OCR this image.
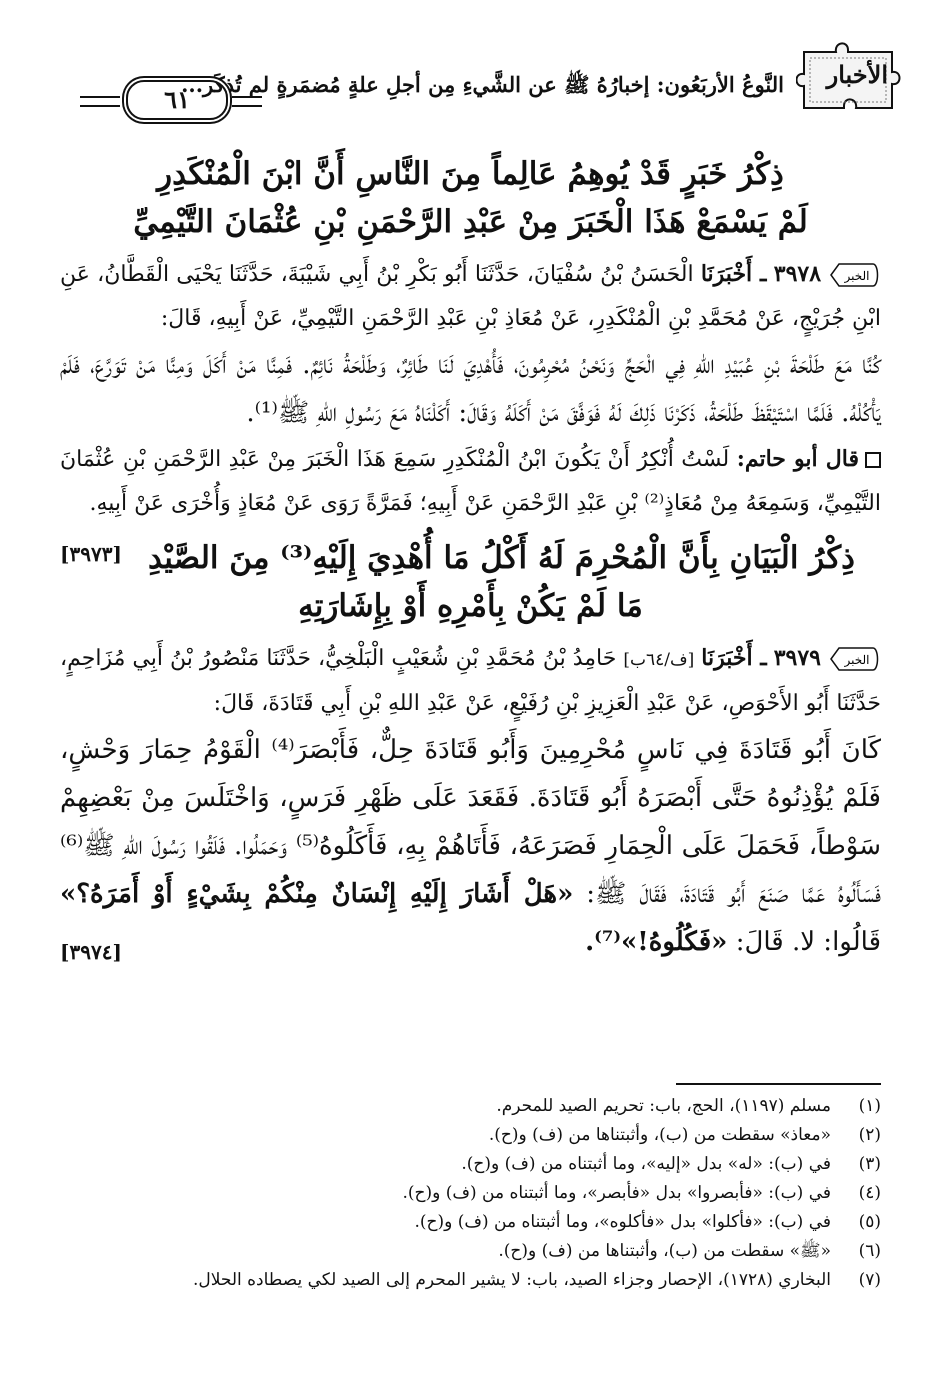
الأخبار
النَّوعُ الأربَعُون: إخبارُهُ ﷺ عن الشَّيءِ مِن أجلِ علةٍ مُضمَرةٍ لم تُذكَر...
٦١
ذِكْرُ خَبَرٍ قَدْ يُوهِمُ عَالِماً مِنَ النَّاسِ أَنَّ ابْنَ الْمُنْكَدِرِ
لَمْ يَسْمَعْ هَذَا الْخَبَرَ مِنْ عَبْدِ الرَّحْمَنِ بْنِ عُثْمَانَ التَّيْمِيِّ

الخبر
٣٩٧٨ ـ أَخْبَرَنَا الْحَسَنُ بْنُ سُفْيَانَ، حَدَّثَنَا أَبُو بَكْرِ بْنُ أَبِي شَيْبَةَ، حَدَّثَنَا يَحْيَى الْقَطَّانُ، عَنِ ابْنِ جُرَيْجٍ، عَنْ مُحَمَّدِ بْنِ الْمُنْكَدِرِ، عَنْ مُعَاذِ بْنِ عَبْدِ الرَّحْمَنِ التَّيْمِيِّ، عَنْ أَبِيهِ، قَالَ:

كُنَّا مَعَ طَلْحَةَ بْنِ عُبَيْدِ اللهِ فِي الْحَجِّ وَنَحْنُ مُحْرِمُونَ، فَأُهْدِيَ لَنَا طَائِرٌ، وَطَلْحَةُ نَائِمٌ. فَمِنَّا مَنْ أَكَلَ وَمِنَّا مَنْ تَوَرَّعَ، فَلَمْ يَأْكُلْهُ. فَلَمَّا اسْتَيْقَظَ طَلْحَةُ، ذَكَرْنَا ذَلِكَ لَهُ فَوَفَّقَ مَنْ أَكَلَهُ وَقَالَ: أَكَلْنَاهُ مَعَ رَسُولِ اللهِ ﷺ⁽¹⁾.

قال أبو حاتم: لَسْتُ أُنْكِرُ أَنْ يَكُونَ ابْنُ الْمُنْكَدِرِ سَمِعَ هَذَا الْخَبَرَ مِنْ عَبْدِ الرَّحْمَنِ بْنِ عُثْمَانَ التَّيْمِيِّ، وَسَمِعَهُ مِنْ مُعَاذٍ⁽²⁾ بْنِ عَبْدِ الرَّحْمَنِ عَنْ أَبِيهِ؛ فَمَرَّةً رَوَى عَنْ مُعَاذٍ وَأُخْرَى عَنْ أَبِيهِ.
[٣٩٧٣] ذِكْرُ الْبَيَانِ بِأَنَّ الْمُحْرِمَ لَهُ أَكْلُ مَا أُهْدِيَ إِلَيْهِ⁽³⁾ مِنَ الصَّيْدِ
مَا لَمْ يَكُنْ بِأَمْرِهِ أَوْ بِإِشَارَتِهِ

الخبر
٣٩٧٩ ـ أَخْبَرَنَا [ف/٦٤ب] حَامِدُ بْنُ مُحَمَّدِ بْنِ شُعَيْبٍ الْبَلْخِيُّ، حَدَّثَنَا مَنْصُورُ بْنُ أَبِي مُزَاحِمٍ، حَدَّثَنَا أَبُو الأَحْوَصِ، عَنْ عَبْدِ الْعَزِيزِ بْنِ رُفَيْعٍ، عَنْ عَبْدِ اللهِ بْنِ أَبِي قَتَادَةَ، قَالَ:

كَانَ أَبُو قَتَادَةَ فِي نَاسٍ مُحْرِمِينَ وَأَبُو قَتَادَةَ حِلٌّ، فَأَبْصَرَ⁽⁴⁾ الْقَوْمُ حِمَارَ وَحْشٍ، فَلَمْ يُؤْذِنُوهُ حَتَّى أَبْصَرَهُ أَبُو قَتَادَةَ. فَقَعَدَ عَلَى ظَهْرِ فَرَسٍ، وَاخْتَلَسَ مِنْ بَعْضِهِمْ سَوْطاً، فَحَمَلَ عَلَى الْحِمَارِ فَصَرَعَهُ، فَأَتَاهُمْ بِهِ، فَأَكَلُوهُ⁽⁵⁾ وَحَمَلُوا. فَلَقُوا رَسُولَ اللهِ ﷺ⁽⁶⁾ فَسَأَلُوهُ عَمَّا صَنَعَ أَبُو قَتَادَةَ، فَقَالَ ﷺ: «هَلْ أَشَارَ إِلَيْهِ إِنْسَانٌ مِنْكُمْ بِشَيْءٍ أَوْ أَمَرَهُ؟» قَالُوا: لا. قَالَ: «فَكُلُوهُ!»⁽⁷⁾.
[٣٩٧٤]

(١)
مسلم (١١٩٧)، الحج، باب: تحريم الصيد للمحرم.
(٢)
«معاذ» سقطت من (ب)، وأثبتناها من (ف) و(ح).
(٣)
في (ب): «له» بدل «إليه»، وما أثبتناه من (ف) و(ح).
(٤)
في (ب): «فأبصروا» بدل «فأبصر»، وما أثبتناه من (ف) و(ح).
(٥)
في (ب): «فأكلوا» بدل «فأكلوه»، وما أثبتناه من (ف) و(ح).
(٦)
«ﷺ» سقطت من (ب)، وأثبتناها من (ف) و(ح).
(٧)
البخاري (١٧٢٨)، الإحصار وجزاء الصيد، باب: لا يشير المحرم إلى الصيد لكي يصطاده الحلال.
